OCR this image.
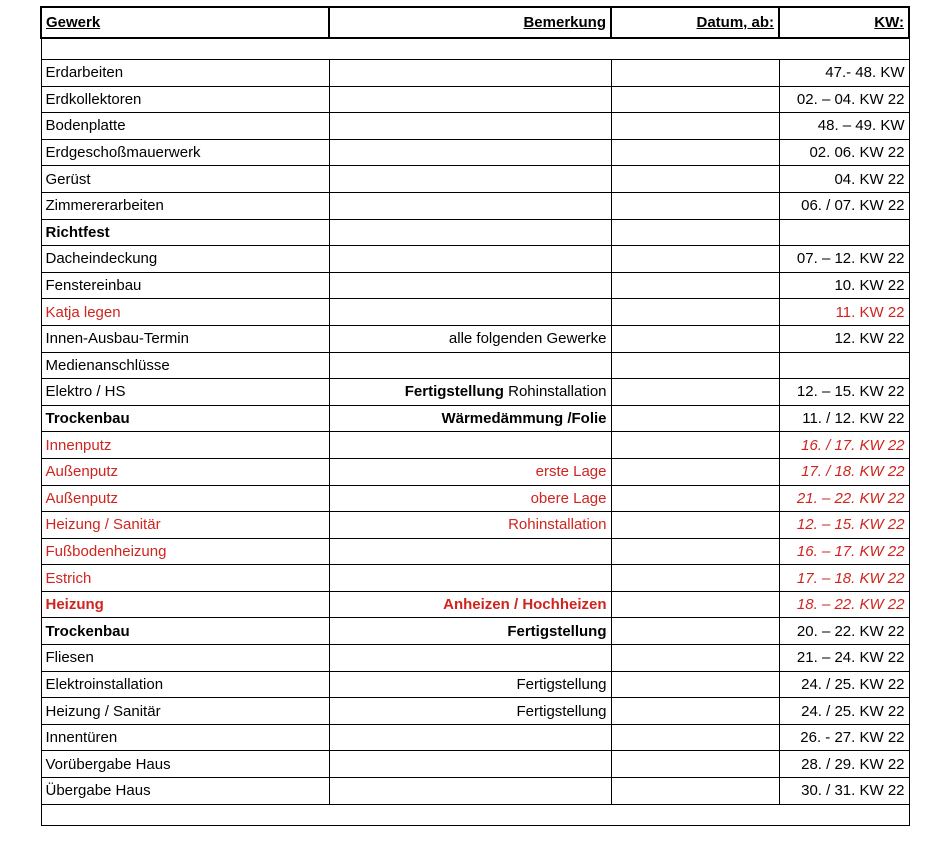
Gewerk	Bemerkung	Datum, ab:	KW:

Erdarbeiten			47.- 48. KW
Erdkollektoren			02. – 04. KW 22
Bodenplatte			48. – 49. KW
Erdgeschoßmauerwerk			02. 06. KW 22
Gerüst			04. KW 22
Zimmererarbeiten			06. / 07. KW 22
Richtfest			
Dacheindeckung			07. – 12. KW 22
Fenstereinbau			10. KW 22
Katja legen			11. KW 22
Innen-Ausbau-Termin	alle folgenden Gewerke		12. KW 22
Medienanschlüsse			
Elektro / HS	Fertigstellung Rohinstallation		12. – 15. KW 22
Trockenbau	Wärmedämmung /Folie		11. / 12. KW 22
Innenputz			16. / 17. KW 22
Außenputz	erste Lage		17. / 18. KW 22
Außenputz	obere Lage		21. – 22. KW 22
Heizung / Sanitär	Rohinstallation		12. – 15. KW 22
Fußbodenheizung			16. – 17. KW 22
Estrich			17. – 18. KW 22
Heizung	Anheizen / Hochheizen		18. – 22. KW 22
Trockenbau	Fertigstellung		20. – 22. KW 22
Fliesen			21. – 24. KW 22
Elektroinstallation	Fertigstellung		24. / 25. KW 22
Heizung / Sanitär	Fertigstellung		24. / 25. KW 22
Innentüren			26. - 27. KW 22
Vorübergabe Haus			28. / 29. KW 22
Übergabe Haus			30. / 31. KW 22
